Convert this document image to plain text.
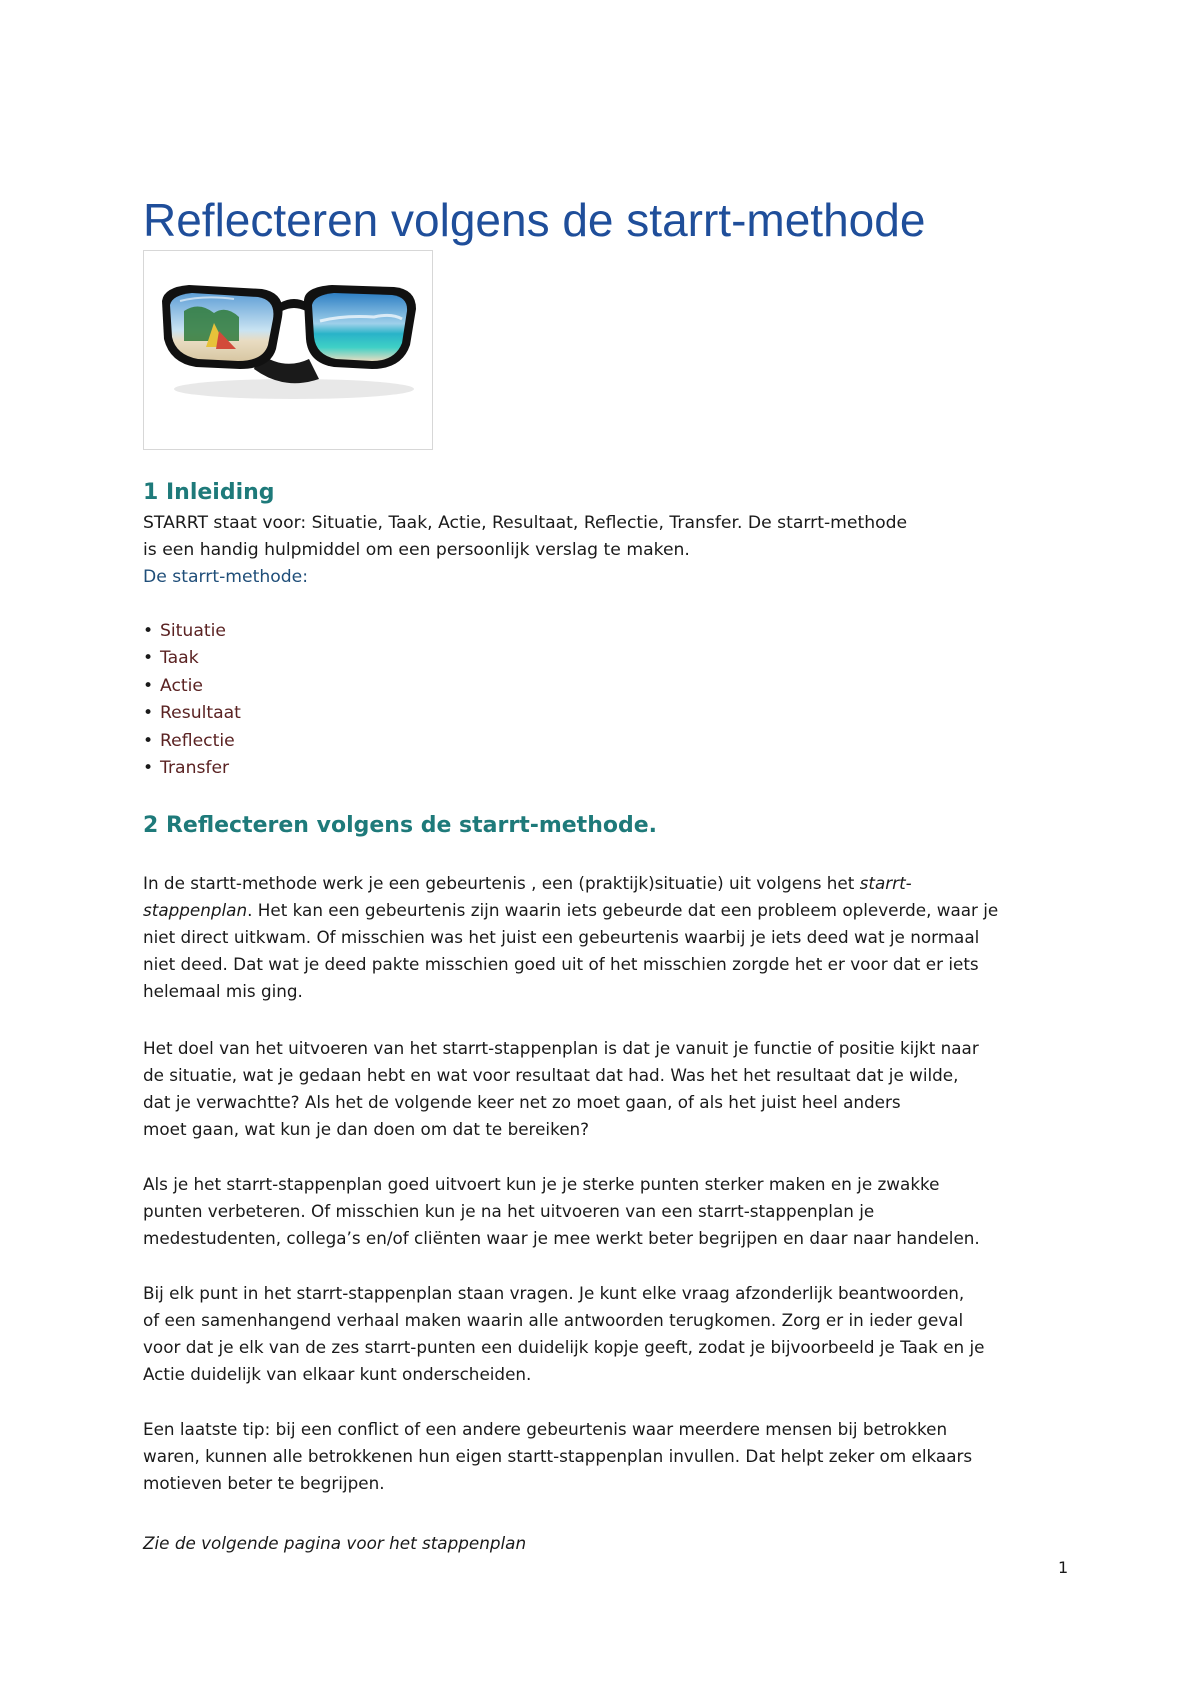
Reflecteren volgens de starrt-methode
1 Inleiding

STARRT staat voor: Situatie, Taak, Actie, Resultaat, Reflectie, Transfer. De starrt-methode

is een handig hulpmiddel om een persoonlijk verslag te maken.

De starrt-methode:

• Situatie
• Taak
• Actie
• Resultaat
• Reflectie
• Transfer
2 Reflecteren volgens de starrt-methode.
In de startt-methode werk je een gebeurtenis , een (praktijk)situatie) uit volgens het starrt-
stappenplan. Het kan een gebeurtenis zijn waarin iets gebeurde dat een probleem opleverde, waar je
niet direct uitkwam. Of misschien was het juist een gebeurtenis waarbij je iets deed wat je normaal
niet deed. Dat wat je deed pakte misschien goed uit of het misschien zorgde het er voor dat er iets
helemaal mis ging.
Het doel van het uitvoeren van het starrt-stappenplan is dat je vanuit je functie of positie kijkt naar
de situatie, wat je gedaan hebt en wat voor resultaat dat had. Was het het resultaat dat je wilde,
dat je verwachtte? Als het de volgende keer net zo moet gaan, of als het juist heel anders
moet gaan, wat kun je dan doen om dat te bereiken?
Als je het starrt-stappenplan goed uitvoert kun je je sterke punten sterker maken en je zwakke
punten verbeteren. Of misschien kun je na het uitvoeren van een starrt-stappenplan je
medestudenten, collega’s en/of cliënten waar je mee werkt beter begrijpen en daar naar handelen.
Bij elk punt in het starrt-stappenplan staan vragen. Je kunt elke vraag afzonderlijk beantwoorden,
of een samenhangend verhaal maken waarin alle antwoorden terugkomen. Zorg er in ieder geval
voor dat je elk van de zes starrt-punten een duidelijk kopje geeft, zodat je bijvoorbeeld je Taak en je
Actie duidelijk van elkaar kunt onderscheiden.
Een laatste tip: bij een conflict of een andere gebeurtenis waar meerdere mensen bij betrokken
waren, kunnen alle betrokkenen hun eigen startt-stappenplan invullen. Dat helpt zeker om elkaars
motieven beter te begrijpen.

Zie de volgende pagina voor het stappenplan

1
